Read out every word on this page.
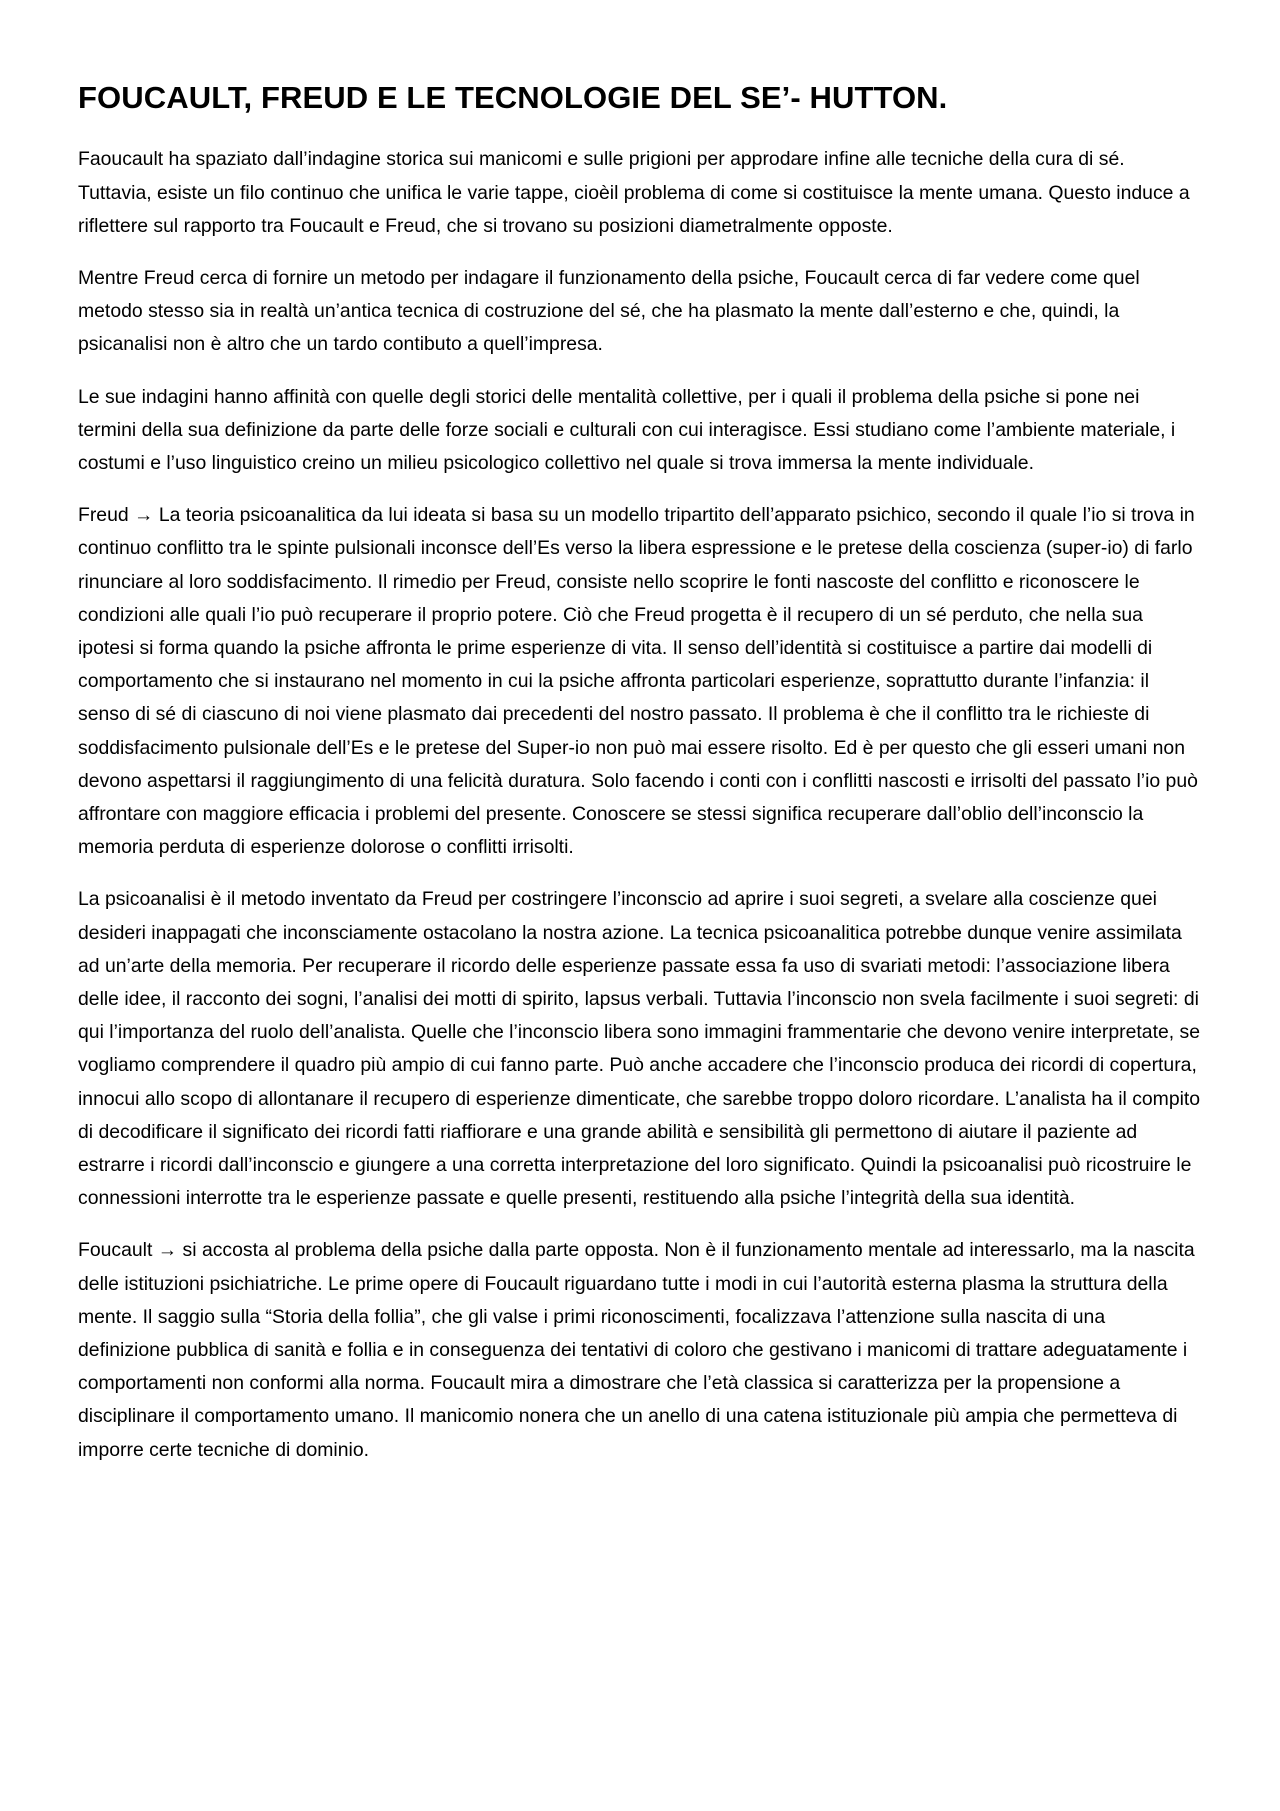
FOUCAULT, FREUD E LE TECNOLOGIE DEL SE’- HUTTON.

Faoucault ha spaziato dall’indagine storica sui manicomi e sulle prigioni per approdare infine alle tecniche della cura di sé. Tuttavia, esiste un filo continuo che unifica le varie tappe, cioèil problema di come si costituisce la mente umana. Questo induce a riflettere sul rapporto tra Foucault e Freud, che si trovano su posizioni diametralmente opposte.

Mentre Freud cerca di fornire un metodo per indagare il funzionamento della psiche, Foucault cerca di far vedere come quel metodo stesso sia in realtà un’antica tecnica di costruzione del sé, che ha plasmato la mente dall’esterno e che, quindi, la psicanalisi non è altro che un tardo contibuto a quell’impresa.

Le sue indagini hanno affinità con quelle degli storici delle mentalità collettive, per i quali il problema della psiche si pone nei termini della sua definizione da parte delle forze sociali e culturali con cui interagisce. Essi studiano come l’ambiente materiale, i costumi e l’uso linguistico creino un milieu psicologico collettivo nel quale si trova immersa la mente individuale.

Freud → La teoria psicoanalitica da lui ideata si basa su un modello tripartito dell’apparato psichico, secondo il quale l’io si trova in continuo conflitto tra le spinte pulsionali inconsce dell’Es verso la libera espressione e le pretese della coscienza (super-io) di farlo rinunciare al loro soddisfacimento. Il rimedio per Freud, consiste nello scoprire le fonti nascoste del conflitto e riconoscere le condizioni alle quali l’io può recuperare il proprio potere. Ciò che Freud progetta è il recupero di un sé perduto, che nella sua ipotesi si forma quando la psiche affronta le prime esperienze di vita. Il senso dell’identità si costituisce a partire dai modelli di comportamento che si instaurano nel momento in cui la psiche affronta particolari esperienze, soprattutto durante l’infanzia: il senso di sé di ciascuno di noi viene plasmato dai precedenti del nostro passato. Il problema è che il conflitto tra le richieste di soddisfacimento pulsionale dell’Es e le pretese del Super-io non può mai essere risolto. Ed è per questo che gli esseri umani non devono aspettarsi il raggiungimento di una felicità duratura. Solo facendo i conti con i conflitti nascosti e irrisolti del passato l’io può affrontare con maggiore efficacia i problemi del presente. Conoscere se stessi significa recuperare dall’oblio dell’inconscio la memoria perduta di esperienze dolorose o conflitti irrisolti.

La psicoanalisi è il metodo inventato da Freud per costringere l’inconscio ad aprire i suoi segreti, a svelare alla coscienze quei desideri inappagati che inconsciamente ostacolano la nostra azione. La tecnica psicoanalitica potrebbe dunque venire assimilata ad un’arte della memoria. Per recuperare il ricordo delle esperienze passate essa fa uso di svariati metodi: l’associazione libera delle idee, il racconto dei sogni, l’analisi dei motti di spirito, lapsus verbali. Tuttavia l’inconscio non svela facilmente i suoi segreti: di qui l’importanza del ruolo dell’analista. Quelle che l’inconscio libera sono immagini frammentarie che devono venire interpretate, se vogliamo comprendere il quadro più ampio di cui fanno parte. Può anche accadere che l’inconscio produca dei ricordi di copertura, innocui allo scopo di allontanare il recupero di esperienze dimenticate, che sarebbe troppo doloro ricordare. L’analista ha il compito di decodificare il significato dei ricordi fatti riaffiorare e una grande abilità e sensibilità gli permettono di aiutare il paziente ad estrarre i ricordi dall’inconscio e giungere a una corretta interpretazione del loro significato. Quindi la psicoanalisi può ricostruire le connessioni interrotte tra le esperienze passate e quelle presenti, restituendo alla psiche l’integrità della sua identità.

Foucault → si accosta al problema della psiche dalla parte opposta. Non è il funzionamento mentale ad interessarlo, ma la nascita delle istituzioni psichiatriche. Le prime opere di Foucault riguardano tutte i modi in cui l’autorità esterna plasma la struttura della mente. Il saggio sulla “Storia della follia”, che gli valse i primi riconoscimenti, focalizzava l’attenzione sulla nascita di una definizione pubblica di sanità e follia e in conseguenza dei tentativi di coloro che gestivano i manicomi di trattare adeguatamente i comportamenti non conformi alla norma. Foucault mira a dimostrare che l’età classica si caratterizza per la propensione a disciplinare il comportamento umano. Il manicomio nonera che un anello di una catena istituzionale più ampia che permetteva di imporre certe tecniche di dominio.
